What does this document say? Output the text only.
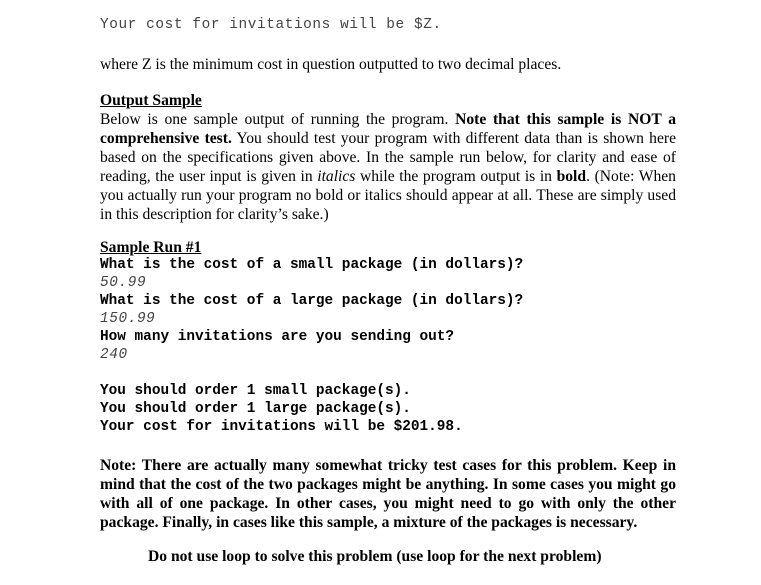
Your cost for invitations will be $Z.
where Z is the minimum cost in question outputted to two decimal places.
Output Sample
Below is one sample output of running the program. Note that this sample is NOT a comprehensive test. You should test your program with different data than is shown here based on the specifications given above. In the sample run below, for clarity and ease of reading, the user input is given in italics while the program output is in bold. (Note: When you actually run your program no bold or italics should appear at all. These are simply used in this description for clarity’s sake.)
Sample Run #1
What is the cost of a small package (in dollars)?
50.99
What is the cost of a large package (in dollars)?
150.99
How many invitations are you sending out?
240
You should order 1 small package(s).
You should order 1 large package(s).
Your cost for invitations will be $201.98.
Note: There are actually many somewhat tricky test cases for this problem. Keep in mind that the cost of the two packages might be anything. In some cases you might go with all of one package. In other cases, you might need to go with only the other package. Finally, in cases like this sample, a mixture of the packages is necessary.
Do not use loop to solve this problem (use loop for the next problem)
